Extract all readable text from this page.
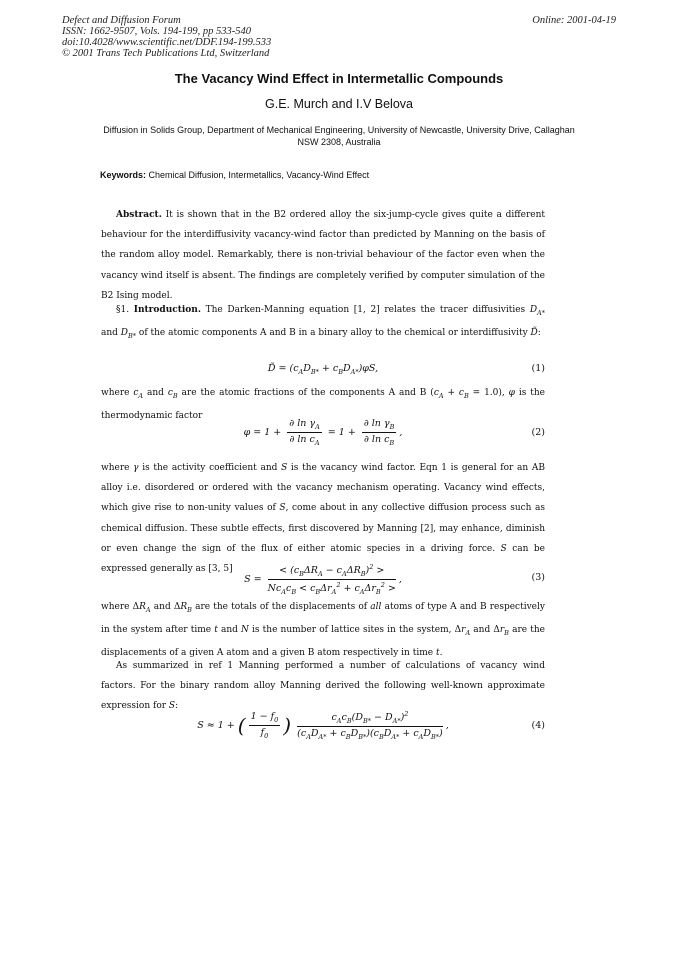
Defect and Diffusion Forum
ISSN: 1662-9507, Vols. 194-199, pp 533-540
doi:10.4028/www.scientific.net/DDF.194-199.533
© 2001 Trans Tech Publications Ltd, Switzerland
Online: 2001-04-19
The Vacancy Wind Effect in Intermetallic Compounds
G.E. Murch and I.V Belova
Diffusion in Solids Group, Department of Mechanical Engineering, University of Newcastle, University Drive, Callaghan NSW 2308, Australia
Keywords: Chemical Diffusion, Intermetallics, Vacancy-Wind Effect
Abstract. It is shown that in the B2 ordered alloy the six-jump-cycle gives quite a different behaviour for the interdiffusivity vacancy-wind factor than predicted by Manning on the basis of the random alloy model. Remarkably, there is non-trivial behaviour of the factor even when the vacancy wind itself is absent. The findings are completely verified by computer simulation of the B2 Ising model.
§1. Introduction. The Darken-Manning equation [1, 2] relates the tracer diffusivities $D_{A*}$ and $D_{B*}$ of the atomic components A and B in a binary alloy to the chemical or interdiffusivity D̃:
D̃ = $(c_AD_{B*} + c_BD_{A*})\varphi S$,	(1)
where $c_A$ and $c_B$ are the atomic fractions of the components A and B $(c_A + c_B = 1.0)$, φ is the thermodynamic factor
$\varphi = 1 + \frac{\partial \ln \gamma_A}{\partial \ln c_A} = 1 + \frac{\partial \ln \gamma_B}{\partial \ln c_B}$ ,	(2)
where γ is the activity coefficient and S is the vacancy wind factor. Eqn 1 is general for an AB alloy i.e. disordered or ordered with the vacancy mechanism operating. Vacancy wind effects, which give rise to non-unity values of S, come about in any collective diffusion process such as chemical diffusion. These subtle effects, first discovered by Manning [2], may enhance, diminish or even change the sign of the flux of either atomic species in a driving force. S can be expressed generally as [3, 5]
$S = \frac{< (c_B\Delta R_A - c_A\Delta R_B)^2 >}{Nc_Ac_B < c_B\Delta r_A^2 + c_A\Delta r_B^2 >}$ ,	(3)
where $\Delta R_A$ and $\Delta R_B$ are the totals of the displacements of all atoms of type A and B respectively in the system after time t and N is the number of lattice sites in the system, $\Delta r_A$ and $\Delta r_B$ are the displacements of a given A atom and a given B atom respectively in time t.
As summarized in ref 1 Manning performed a number of calculations of vacancy wind factors. For the binary random alloy Manning derived the following well-known approximate expression for S:
S ≈ 1 + ( $\frac{1 - f_0}{f_0}$ ) $\frac{c_Ac_B(D_{B*} - D_{A*})^2}{(c_AD_{A*} + c_BD_{B*})(c_BD_{A*} + c_AD_{B*})}$ ,	(4)
